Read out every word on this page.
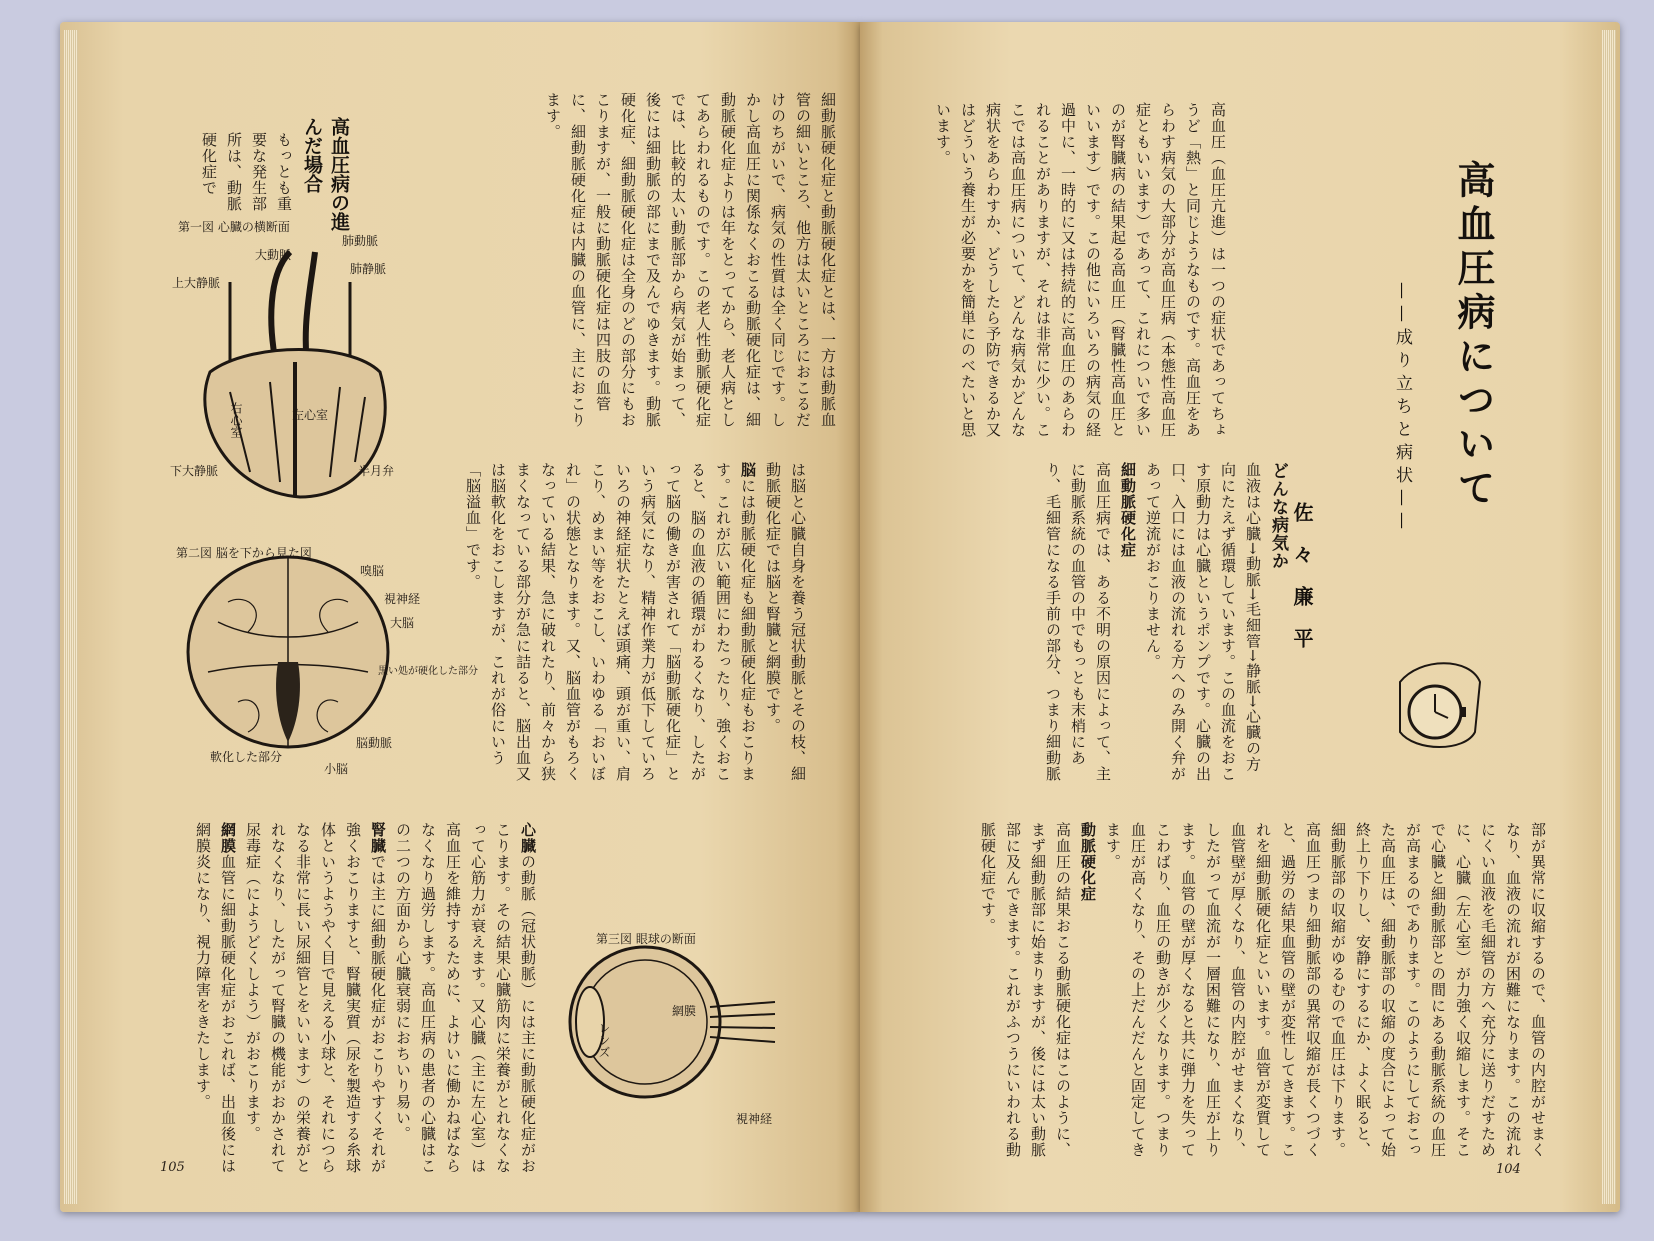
細動脈硬化症と動脈硬化症とは、一方は動脈血管の細いところ、他方は太いところにおこるだけのちがいで、病気の性質は全く同じです。しかし高血圧に関係なくおこる動脈硬化症は、細動脈硬化症よりは年をとってから、老人病としてあらわれるものです。この老人性動脈硬化症では、比較的太い動脈部から病気が始まって、後には細動脈の部にまで及んでゆきます。動脈硬化症、細動脈硬化症は全身のどの部分にもおこりますが、一般に動脈硬化症は四肢の血管に、細動脈硬化症は内臓の血管に、主におこります。
高血圧病の進んだ場合
もっとも重要な発生部所は、動脈硬化症で
第一図 心臓の横断面
大動脈
肺動脈
肺静脈
上大静脈
右心室	左心室
下大静脈	半月弁	は脳と心臓自身を養う冠状動脈とその枝、細動脈硬化症では脳と腎臓と網膜です。
脳には動脈硬化症も細動脈硬化症もおこります。これが広い範囲にわたったり、強くおこると、脳の血液の循環がわるくなり、したがって脳の働きが害されて「脳動脈硬化症」という病気になり、精神作業力が低下していろいろの神経症状たとえば頭痛、頭が重い、肩こり、めまい等をおこし、いわゆる「おいぼれ」の状態となります。又、脳血管がもろくなっている結果、急に破れたり、前々から狭まくなっている部分が急に詰ると、脳出血又は脳軟化をおこしますが、これが俗にいう「脳溢血」です。
第二図 脳を下から見た図
嗅脳
視神経
大脳
黒い処が硬化した部分
脳動脈
小脳
軟化した部分
心臓の動脈（冠状動脈）には主に動脈硬化症がおこります。その結果心臓筋肉に栄養がとれなくなって心筋力が衰えます。又心臓（主に左心室）は高血圧を維持するために、よけいに働かねばならなくなり過労します。高血圧病の患者の心臓はこの二つの方面から心臓衰弱におちいり易い。
腎臓では主に細動脈硬化症がおこりやすくそれが強くおこりますと、腎臓実質（尿を製造する糸球体というようやく目で見える小球と、それにつらなる非常に長い尿細管とをいいます）の栄養がとれなくなり、したがって腎臓の機能がおかされて尿毒症（にようどくしよう）がおこります。
網膜血管に細動脈硬化症がおこれば、出血後には網膜炎になり、視力障害をきたします。	第三図 眼球の断面
網膜
レンズ
視神経
105
高血圧病について
——成り立ちと病状——
佐々廉平
高血圧（血圧亢進）は一つの症状であってちょうど「熱」と同じようなものです。高血圧をあらわす病気の大部分が高血圧病（本態性高血圧症ともいいます）であって、これについで多いのが腎臓病の結果起る高血圧（腎臓性高血圧といいます）です。この他にいろいろの病気の経過中に、一時的に又は持続的に高血圧のあらわれることがありますが、それは非常に少い。ここでは高血圧病について、どんな病気かどんな病状をあらわすか、どうしたら予防できるか又はどういう養生が必要かを簡単にのべたいと思います。
どんな病気か
血液は心臓→動脈→毛細管→静脈→心臓の方向にたえず循環しています。この血流をおこす原動力は心臓というポンプです。心臓の出口、入口には血液の流れる方へのみ開く弁があって逆流がおこりません。
細動脈硬化症
高血圧病では、ある不明の原因によって、主に動脈系統の血管の中でもっとも末梢にあり、毛細管になる手前の部分、つまり細動脈
部が異常に収縮するので、血管の内腔がせまくなり、血液の流れが困難になります。この流れにくい血液を毛細管の方へ充分に送りだすために、心臓（左心室）が力強く収縮します。そこで心臓と細動脈部との間にある動脈系統の血圧が高まるのであります。このようにしておこった高血圧は、細動脈部の収縮の度合によって始終上り下りし、安静にするにか、よく眠ると、細動脈部の収縮がゆるむので血圧は下ります。高血圧つまり細動脈部の異常収縮が長くつづくと、過労の結果血管の壁が変性してきます。これを細動脈硬化症といいます。血管が変質して血管壁が厚くなり、血管の内腔がせまくなり、したがって血流が一層困難になり、血圧が上ります。血管の壁が厚くなると共に弾力を失ってこわばり、血圧の動きが少くなります。つまり血圧が高くなり、その上だんだんと固定してきます。
動脈硬化症
高血圧の結果おこる動脈硬化症はこのように、まず細動脈部に始まりますが、後には太い動脈部に及んできます。これがふつうにいわれる動脈硬化症です。
104
